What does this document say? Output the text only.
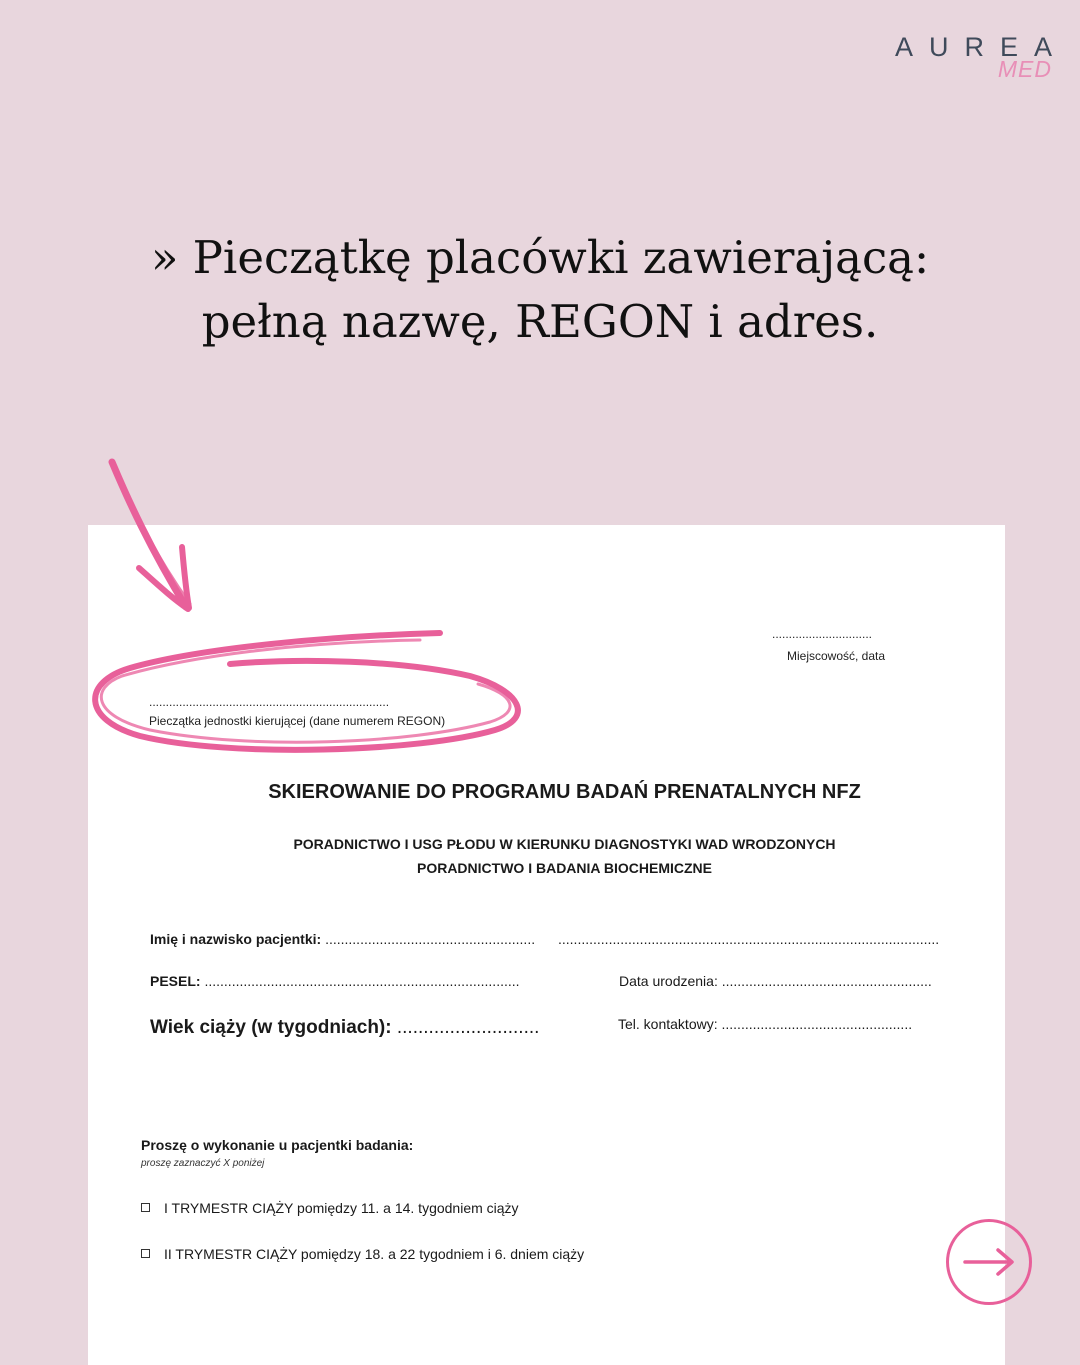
AUREA
MED
» Pieczątkę placówki zawierającą:
pełną nazwę, REGON i adres.
..............................
Miejscowość, data
........................................................................
Pieczątka jednostki kierującej (dane numerem REGON)
SKIEROWANIE DO PROGRAMU BADAŃ PRENATALNYCH NFZ
PORADNICTWO I USG PŁODU W KIERUNKU DIAGNOSTYKI WAD WRODZONYCH
PORADNICTWO I BADANIA BIOCHEMICZNE
Imię i nazwisko pacjentki: ...................................................... ..................................................................................................
PESEL: .................................................................................	Data urodzenia: ......................................................
Wiek ciąży (w tygodniach): ...........................	Tel. kontaktowy: .................................................
Proszę o wykonanie u pacjentki badania:
proszę zaznaczyć X poniżej
I TRYMESTR CIĄŻY pomiędzy 11. a 14. tygodniem ciąży
II TRYMESTR CIĄŻY pomiędzy 18. a 22 tygodniem i 6. dniem ciąży
